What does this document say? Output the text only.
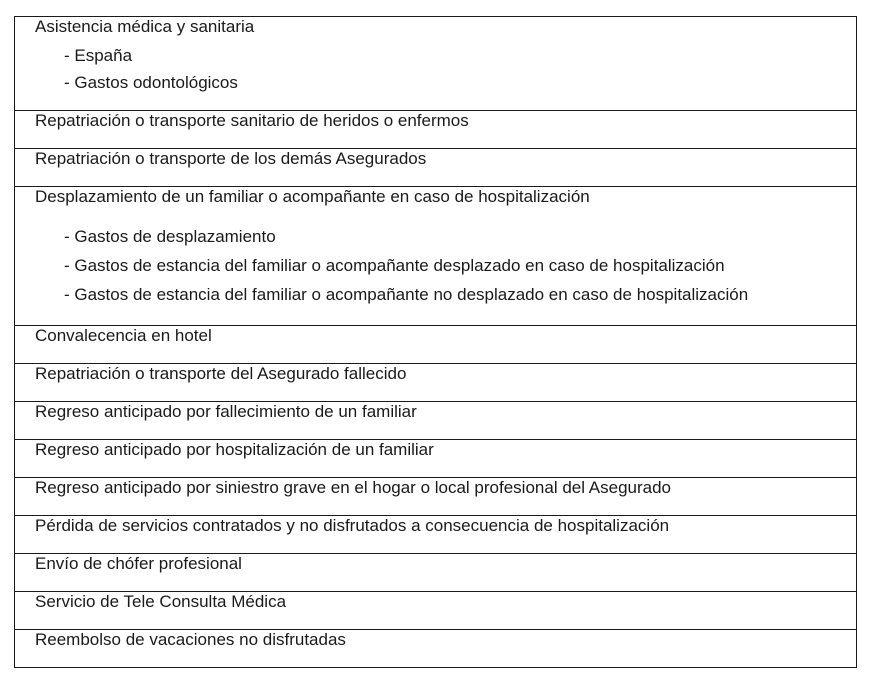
Asistencia médica y sanitaria
- España
- Gastos odontológicos

Repatriación o transporte sanitario de heridos o enfermos
Repatriación o transporte de los demás Asegurados

Desplazamiento de un familiar o acompañante en caso de hospitalización
- Gastos de desplazamiento
- Gastos de estancia del familiar o acompañante desplazado en caso de hospitalización
- Gastos de estancia del familiar o acompañante no desplazado en caso de hospitalización

Convalecencia en hotel
Repatriación o transporte del Asegurado fallecido
Regreso anticipado por fallecimiento de un familiar
Regreso anticipado por hospitalización de un familiar
Regreso anticipado por siniestro grave en el hogar o local profesional del Asegurado
Pérdida de servicios contratados y no disfrutados a consecuencia de hospitalización
Envío de chófer profesional
Servicio de Tele Consulta Médica
Reembolso de vacaciones no disfrutadas
